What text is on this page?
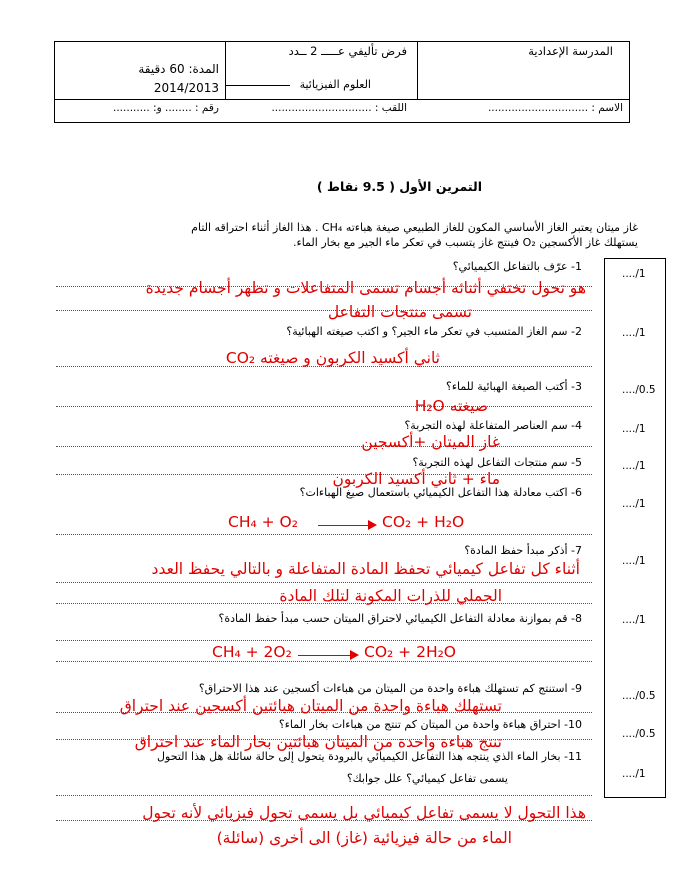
المدرسة الإعدادية
فرض تأليفي عـــــ 2 ــدد
العلوم الفيزيائية
المدة: 60 دقيقة
2014/2013
الاسم : ..............................
اللقب : ..............................
رقم : ........ و: ...........
التمرين الأول ( 9.5 نقاط )
غاز ميتان يعتبر الغاز الأساسي المكون للغاز الطبيعي صيغة هباءته CH₄ . هذا الغاز أثناء احتراقه التام
يستهلك غاز الأكسجين O₂ فينتج غاز يتسبب في تعكر ماء الجير مع بخار الماء.
1- عرّف بالتفاعل الكيميائي؟
2- سم الغاز المتسبب في تعكر ماء الجير؟ و اكتب صيغته الهبائية؟
3- أكتب الصيغة الهبائية للماء؟
4- سم العناصر المتفاعلة لهذه التجربة؟
5- سم منتجات التفاعل لهذه التجربة؟
6- اكتب معادلة هذا التفاعل الكيميائي باستعمال صيغ الهباءات؟
7- أذكر مبدأ حفظ المادة؟
8- قم بموازنة معادلة التفاعل الكيميائي لاحتراق الميتان حسب مبدأ حفظ المادة؟
9- استنتج كم تستهلك هباءة واحدة من الميتان من هباءات أكسجين عند هذا الاحتراق؟
10- احتراق هباءة واحدة من الميتان كم تنتج من هباءات بخار الماء؟
11- بخار الماء الذي ينتجه هذا التفاعل الكيميائي بالبرودة يتحول إلى حالة سائلة هل هذا التحول
يسمى تفاعل كيميائي؟ علل جوابك؟
..../1
..../1
..../0.5
..../1
..../1
..../1
..../1
..../1
..../0.5
..../0.5
..../1
هو تحول تختفي أثنائه أجسام تسمى المتفاعلات و تظهر أجسام جديدة
تسمى منتجات التفاعل
ثاني أكسيد الكربون و صيغته CO₂
صيغته H₂O
غاز الميتان +أكسجين
ماء + ثاني أكسيد الكربون
CH₄ + O₂	CO₂ + H₂O
أثناء كل تفاعل كيميائي تحفظ المادة المتفاعلة و بالتالي يحفظ العدد
الجملي للذرات المكونة لتلك المادة
CH₄ + 2O₂	CO₂ + 2H₂O
تستهلك هباءة واحدة من الميتان هبائتين أكسجين عند احتراق
تنتج هباءة واحدة من الميتان هبائتين بخار الماء عند احتراق
هذا التحول لا يسمى تفاعل كيميائي بل يسمى تحول فيزيائي لأنه تحول
الماء من حالة فيزيائية (غاز) الى أخرى (سائلة)
